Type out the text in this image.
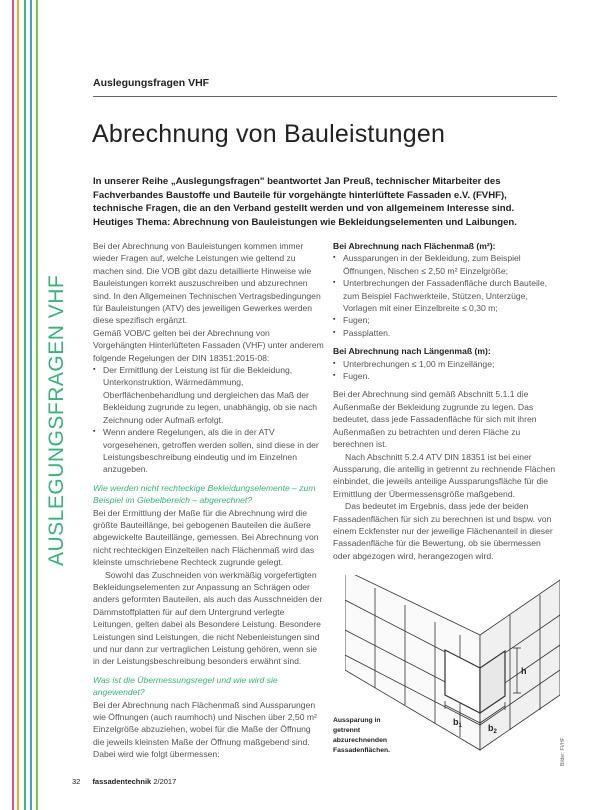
AUSLEGUNGSFRAGEN VHF
Auslegungsfragen VHF
Abrechnung von Bauleistungen
In unserer Reihe „Auslegungsfragen" beantwortet Jan Preuß, technischer Mitarbeiter des Fachverbandes Baustoffe und Bauteile für vorgehängte hinterlüftete Fassaden e.V. (FVHF), technische Fragen, die an den Verband gestellt werden und von allgemeinem Interesse sind. Heutiges Thema: Abrechnung von Bauleistungen wie Bekleidungselementen und Laibungen.

Bei der Abrechnung von Bauleistungen kommen immer wieder Fragen auf, welche Leistungen wie geltend zu machen sind. Die VOB gibt dazu detaillierte Hinweise wie Bauleistungen korrekt auszuschreiben und abzurechnen sind. In den Allgemeinen Technischen Vertragsbedingungen für Bauleistungen (ATV) des jeweiligen Gewerkes werden diese spezifisch ergänzt.

Gemäß VOB/C gelten bei der Abrechnung von Vorgehängten Hinterlüfteten Fassaden (VHF) unter anderem folgende Regelungen der DIN 18351:2015-08:

▪ Der Ermittlung der Leistung ist für die Bekleidung, Unterkonstruktion, Wärmedämmung, Oberflächenbehandlung und dergleichen das Maß der Bekleidung zugrunde zu legen, unabhängig, ob sie nach Zeichnung oder Aufmaß erfolgt.
▪ Wenn andere Regelungen, als die in der ATV vorgesehenen, getroffen werden sollen, sind diese in der Leistungsbeschreibung eindeutig und im Einzelnen anzugeben.

Wie werden nicht rechteckige Bekleidungselemente – zum Beispiel im Giebelbereich – abgerechnet?

Bei der Ermittlung der Maße für die Abrechnung wird die größte Bauteillänge, bei gebogenen Bauteilen die äußere abgewickelte Bauteillänge, gemessen. Bei Abrechnung von nicht rechteckigen Einzelteilen nach Flächenmaß wird das kleinste umschriebene Rechteck zugrunde gelegt.

Sowohl das Zuschneiden von werkmäßig vorgefertigten Bekleidungselementen zur Anpassung an Schrägen oder anders geformten Bauteilen, als auch das Ausschneiden der Dämmstoffplatten für auf dem Untergrund verlegte Leitungen, gelten dabei als Besondere Leistung. Besondere Leistungen sind Leistungen, die nicht Nebenleistungen sind und nur dann zur vertraglichen Leistung gehören, wenn sie in der Leistungsbeschreibung besonders erwähnt sind.

Was ist die Übermessungsregel und wie wird sie angewendet?

Bei der Abrechnung nach Flächenmaß sind Aussparungen wie Öffnungen (auch raumhoch) und Nischen über 2,50 m² Einzelgröße abzuziehen, wobei für die Maße der Öffnung die jeweils kleinsten Maße der Öffnung maßgebend sind. Dabei wird wie folgt übermessen:

Bei Abrechnung nach Flächenmaß (m²):

▪ Aussparungen in der Bekleidung, zum Beispiel Öffnungen, Nischen ≤ 2,50 m² Einzelgröße;
▪ Unterbrechungen der Fassadenfläche durch Bauteile, zum Beispiel Fachwerkteile, Stützen, Unterzüge, Vorlagen mit einer Einzelbreite ≤ 0,30 m;
▪ Fugen;
▪ Passplatten.

Bei Abrechnung nach Längenmaß (m):

▪ Unterbrechungen ≤ 1,00 m Einzellänge;
▪ Fugen.

Bei der Abrechnung sind gemäß Abschnitt 5.1.1 die Außenmaße der Bekleidung zugrunde zu legen. Das bedeutet, dass jede Fassadenfläche für sich mit ihren Außenmaßen zu betrachten und deren Fläche zu berechnen ist.

Nach Abschnitt 5.2.4 ATV DIN 18351 ist bei einer Aussparung, die anteilig in getrennt zu rechnende Flächen einbindet, die jeweils anteilige Aussparungsfläche für die Ermittlung der Übermessensgröße maßgebend.

Das bedeutet im Ergebnis, dass jede der beiden Fassadenflächen für sich zu berechnen ist und bspw. von einem Eckfenster nur der jeweilige Flächenanteil in dieser Fassadenfläche für die Bewertung, ob sie übermessen oder abgezogen wird, herangezogen wird.

h
$b_1$	$b_2$
Aussparung in getrennt abzurechnenden Fassadenflächen.	Bilder: FVHF
32 fassadentechnik 2/2017
